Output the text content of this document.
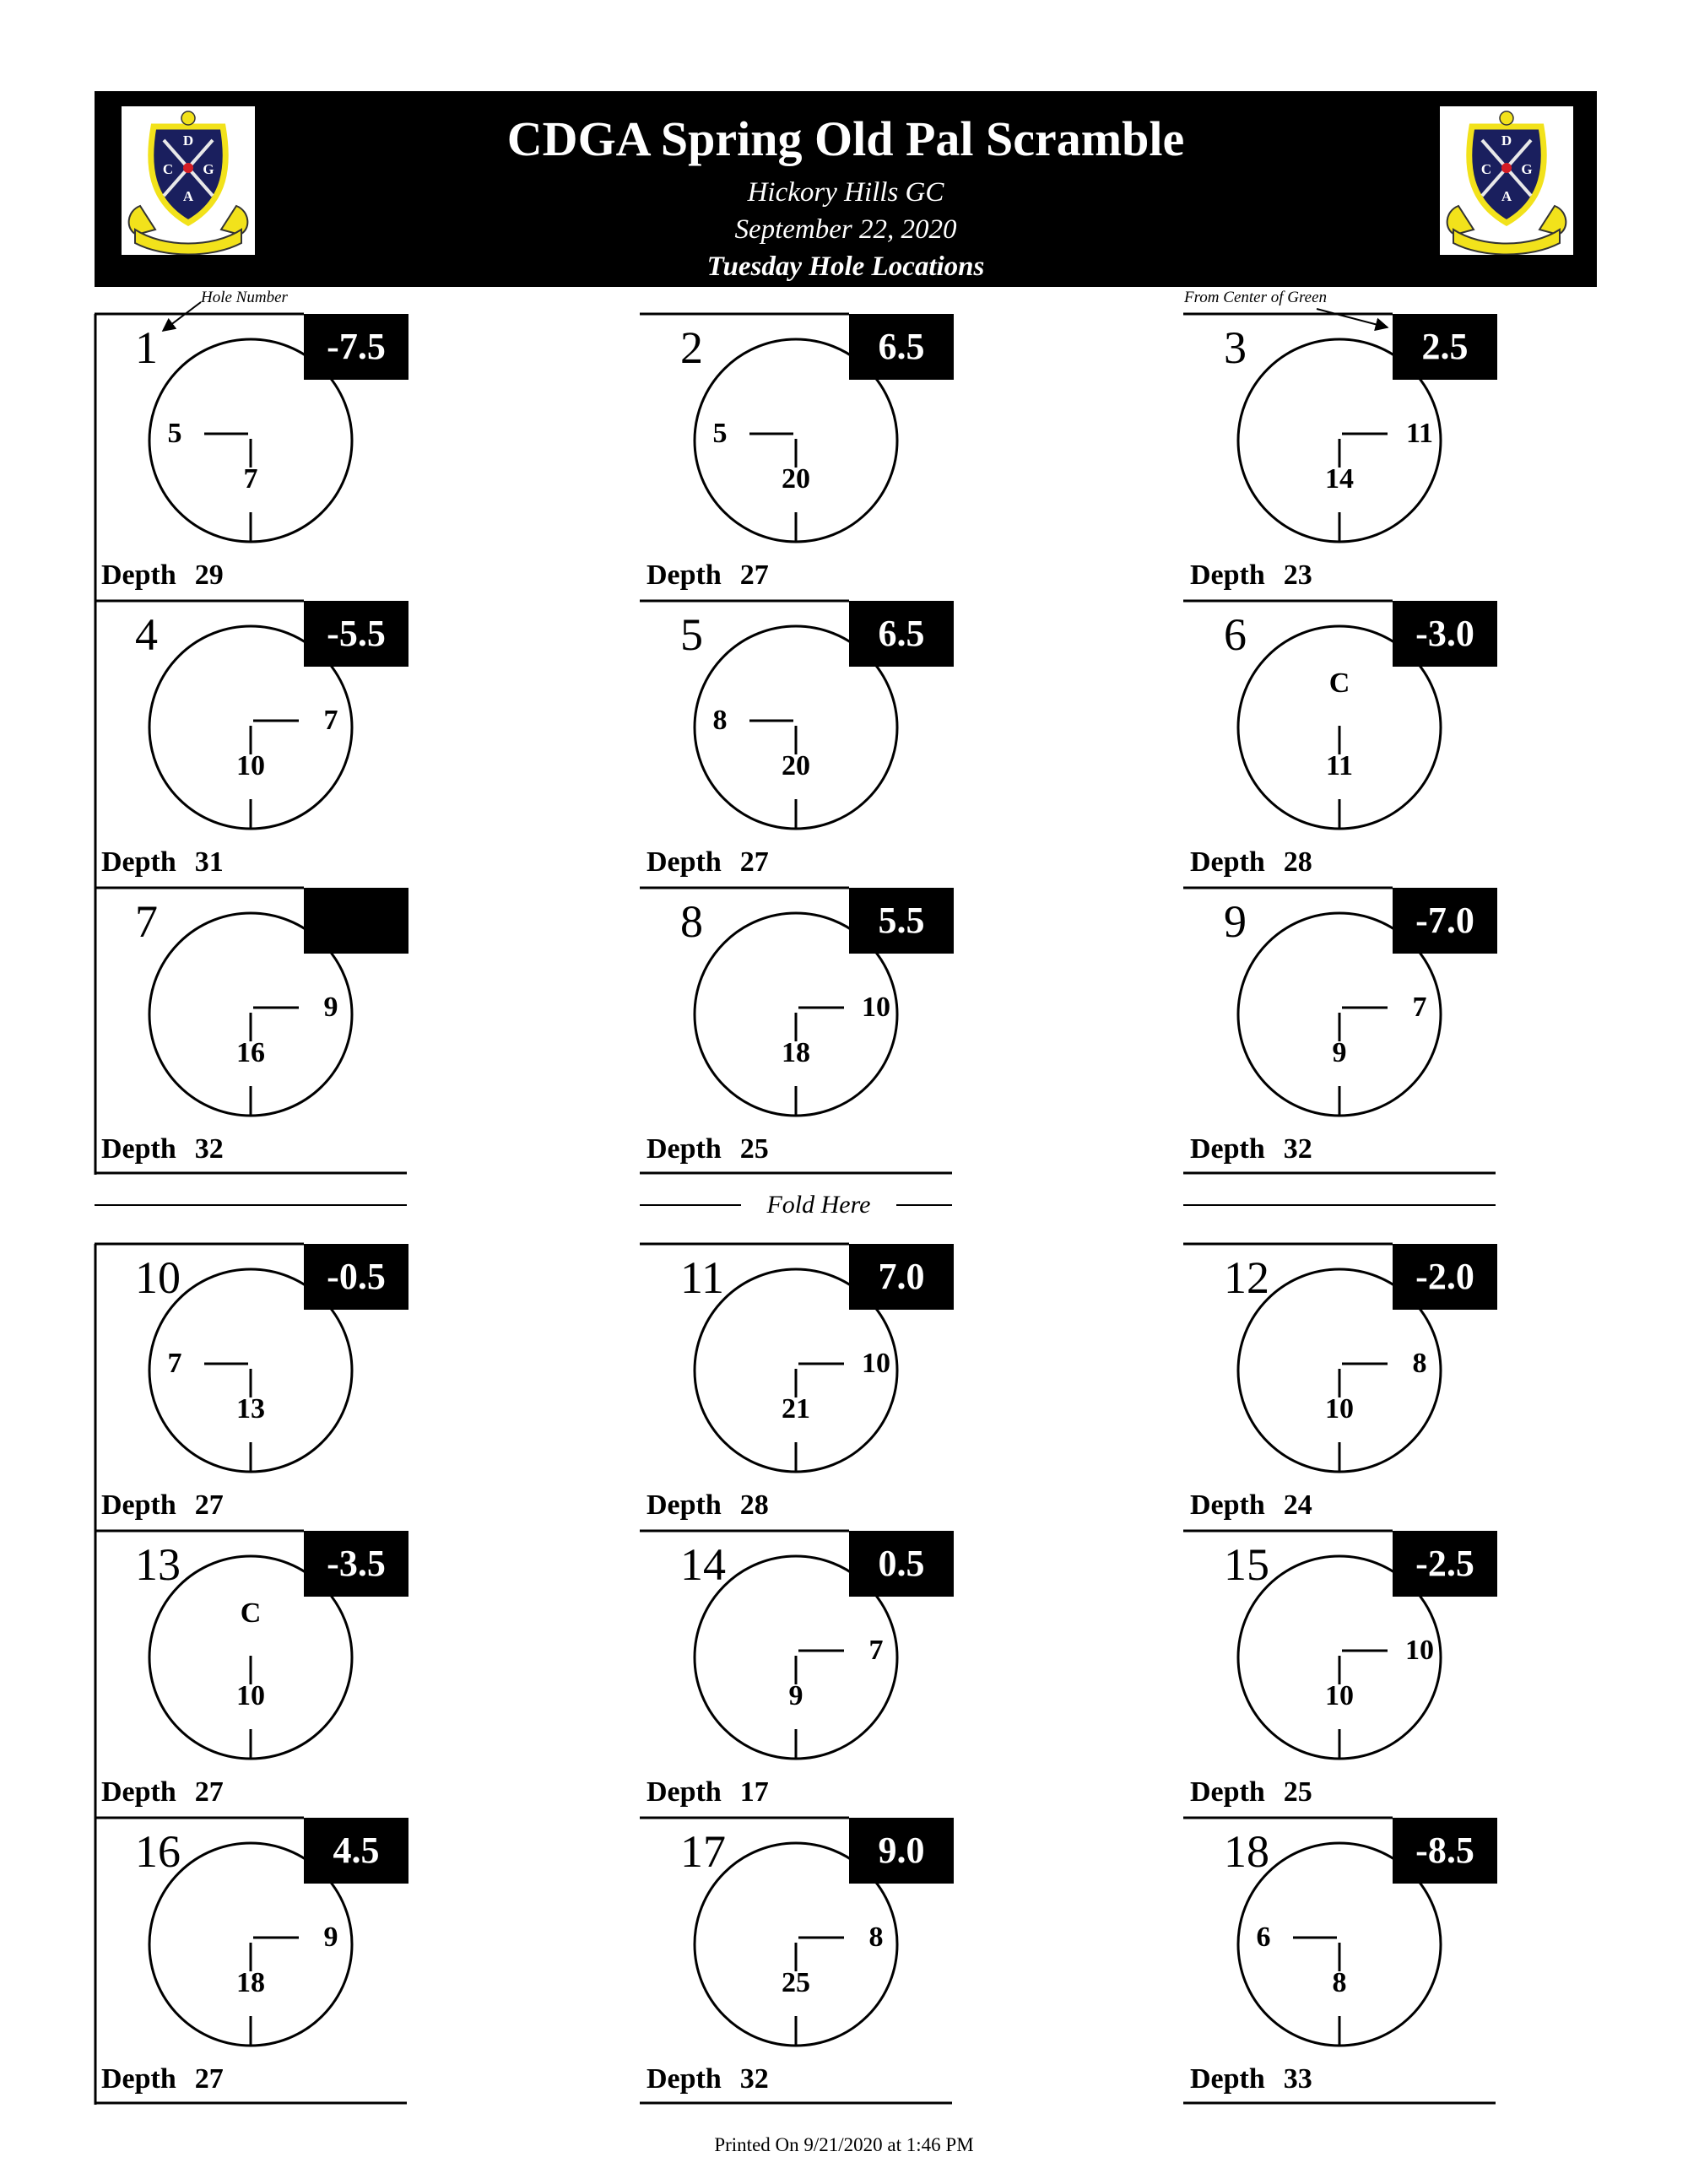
D
C G
A
CDGA Spring Old Pal Scramble
Hickory Hills GC
September 22, 2020
Tuesday Hole Locations
D
C G
A
Hole Number	From Center of Green
Fold Here
1	-7.5
5
7
Depth 29
2	6.5
5
20
Depth 27
3	2.5
11
14
Depth 23
4	-5.5
7
10
Depth 31
5	6.5
8
20
Depth 27
6	-3.0
C
11
Depth 28
7
9
16
Depth 32
8	5.5
10
18
Depth 25
9	-7.0
7
9
Depth 32
10	-0.5
7
13
Depth 27
11	7.0
10
21
Depth 28
12	-2.0
8
10
Depth 24
13	-3.5
C
10
Depth 27
14	0.5
7
9
Depth 17
15	-2.5
10
10
Depth 25
16	4.5
9
18
Depth 27
17	9.0
8
25
Depth 32
18	-8.5
6
8
Depth 33
Printed On 9/21/2020 at 1:46 PM
